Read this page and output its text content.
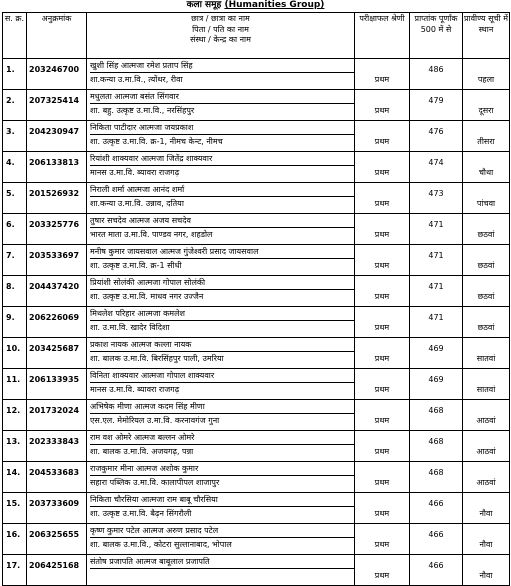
कला समूह (Humanities Group)
स. क्र.	अनुक्रमांक	छात्र / छात्रा का नाम
पिता / पति का नाम
संस्था / केन्द्र का नाम	परीक्षाफल श्रेणी	प्राप्तांक पूर्णांक 500 में से	प्रावीण्य सूची में स्थान
1.	203246700	खुशी सिंह आत्मजा रमेश प्रताप सिंह
शा.कन्या उ.मा.वि., त्योंथर, रीवा	प्रथम	486	पहला

2.	207325414	मधुलता आत्मजा बसंत सिंगवार
शा. बहु. उत्कृष्ट उ.मा.वि., नरसिंहपुर	प्रथम	479	दूसरा

3.	204230947	निकिता पाटीदार आत्मजा जयप्रकाश
शा. उत्कृष्ट उ.मा.वि. क्र-1, नीमच केन्ट, नीमच	प्रथम	476	तीसरा

4.	206133813	रियांशी शाक्यवार आत्मजा जितेंद्र शाक्यवार
मानस उ.मा.वि. ब्यावरा राजगढ़	प्रथम	474	चौथा

5.	201526932	निराली शर्मा आत्मजा आनंद शर्मा
शा.कन्या उ.मा.वि. उन्नाव, दतिया	प्रथम	473	पांचवा

6.	203325776	तुषार सचदेव आत्मज अजय सचदेव
भारत माता उ.मा.वि. पाण्डव नगर, शहडोल	प्रथम	471	छठवां

7.	203533697	मनीष कुमार जायसवाल आत्मज गुंजेश्वरी प्रसाद जायसवाल
शा. उत्कृष्ट उ.मा.वि. क्र-1 सीधी	प्रथम	471	छठवां

8.	204437420	प्रियांशी सोलंकी आत्मजा गोपाल सोलंकी
शा. उत्कृष्ट उ.मा.वि. माधव नगर उज्जैन	प्रथम	471	छठवां

9.	206226069	मिथलेश परिहार आत्मजा कमलेश
शा. उ.मा.वि. खादेर विदिशा	प्रथम	471	छठवां

10.	203425687	प्रकाश नायक आत्मज कल्ला नायक
शा. बालक उ.मा.वि. बिरसिंहपुर पाली, उमरिया	प्रथम	469	सातवां

11.	206133935	विनिता शाक्यवार आत्मजा गोपाल शाक्यवार
मानस उ.मा.वि. ब्यावरा राजगढ़	प्रथम	469	सातवां

12.	201732024	अभिषेक मीणा आत्मज कदम सिंह मीणा
एस.एल. मेमोरियल उ.मा.वि. करनावगंज गुना	प्रथम	468	आठवां

13.	202333843	राम वश ओमरे आत्मज बल्लन ओमरे
शा. बालक उ.मा.वि. अजयगढ़, पन्ना	प्रथम	468	आठवां

14.	204533683	राजकुमार मीना आत्मज अशोक कुमार
सहारा पब्लिक उ.मा.वि. कालापीपल शाजापुर	प्रथम	468	आठवां

15.	203733609	निकिता चौरसिया आत्मजा राम बाबू चौरसिया
शा. उत्कृष्ट उ.मा.वि. बैढ़न सिंगरौली	प्रथम	466	नौवा

16.	206325655	कृष्ण कुमार पटेल आत्मज अरुण प्रसाद पटेल
शा. बालक उ.मा.वि., कोटरा सुल्तानाबाद, भोपाल	प्रथम	466	नौवा

17.	206425168	संतोष प्रजापति आत्मज बाबूलाल प्रजापति	प्रथम	466	नौवा
